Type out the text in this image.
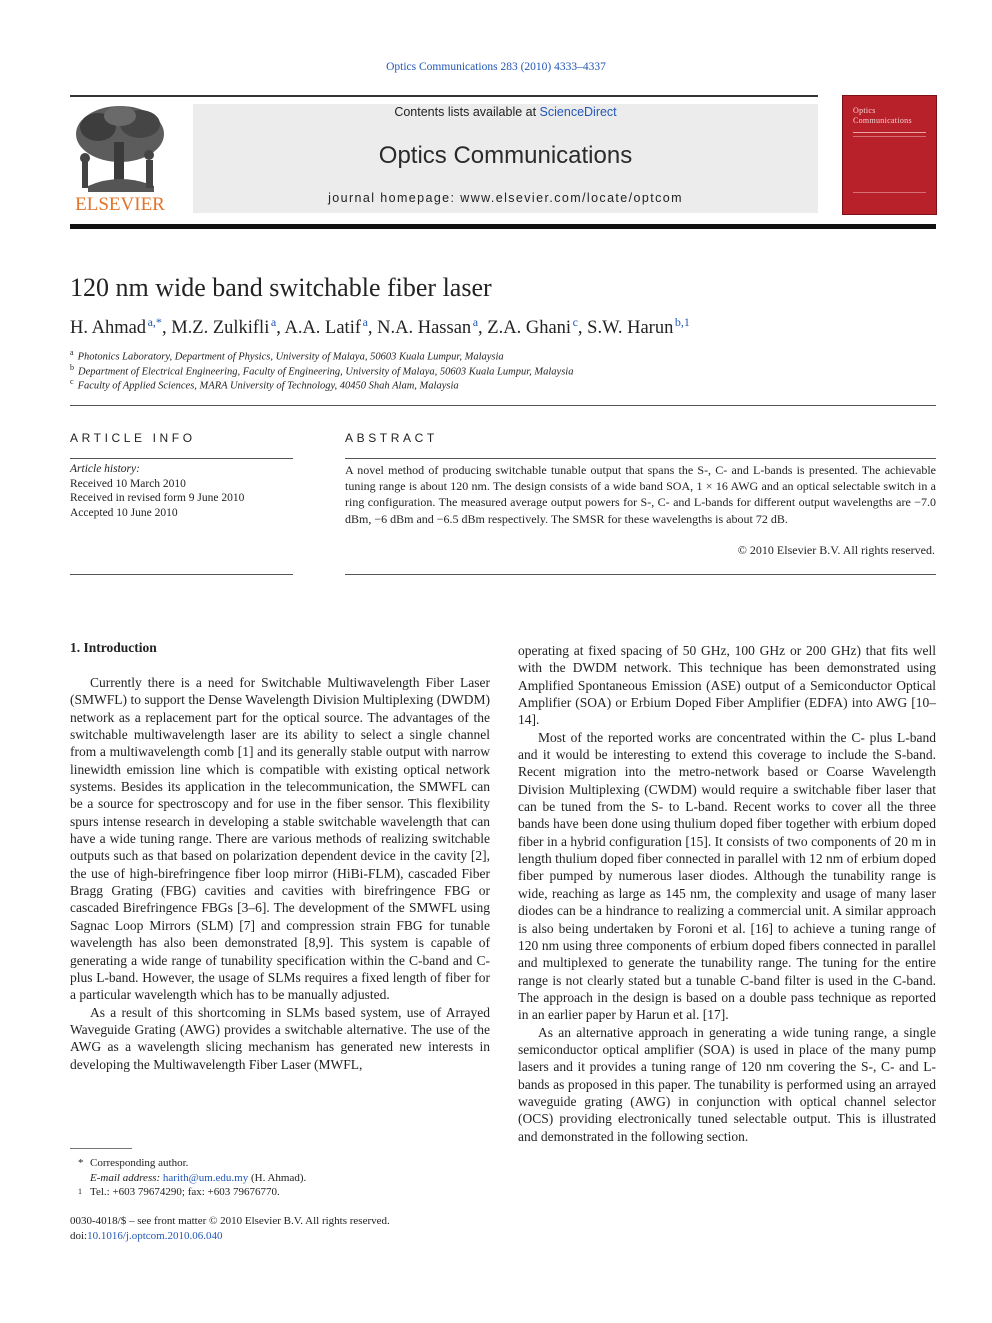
Optics Communications 283 (2010) 4333–4337
ELSEVIER
Contents lists available at ScienceDirect
Optics Communications
journal homepage: www.elsevier.com/locate/optcom
Optics
Communications
120 nm wide band switchable fiber laser
H. Ahmad  $^{a,*}$, M.Z. Zulkifli  $^a$, A.A. Latif  $^a$, N.A. Hassan  $^a$, Z.A. Ghani  $^c$, S.W. Harun  $^{b,1}$
$^a$ Photonics Laboratory, Department of Physics, University of Malaya, 50603 Kuala Lumpur, Malaysia
$^b$ Department of Electrical Engineering, Faculty of Engineering, University of Malaya, 50603 Kuala Lumpur, Malaysia
$^c$ Faculty of Applied Sciences, MARA University of Technology, 40450 Shah Alam, Malaysia
ARTICLE INFO
Article history:
Received 10 March 2010
Received in revised form 9 June 2010
Accepted 10 June 2010
ABSTRACT
A novel method of producing switchable tunable output that spans the S-, C- and L-bands is presented. The achievable tuning range is about 120 nm. The design consists of a wide band SOA, 1 × 16 AWG and an optical selectable switch in a ring configuration. The measured average output powers for S-, C- and L-bands for different output wavelengths are −7.0 dBm, −6 dBm and −6.5 dBm respectively. The SMSR for these wavelengths is about 72 dB.
© 2010 Elsevier B.V. All rights reserved.
1. Introduction

Currently there is a need for Switchable Multiwavelength Fiber Laser (SMWFL) to support the Dense Wavelength Division Multiplexing (DWDM) network as a replacement part for the optical source. The advantages of the switchable multiwavelength laser are its ability to select a single channel from a multiwavelength comb [1] and its generally stable output with narrow linewidth emission line which is compatible with existing optical network systems. Besides its application in the telecommunication, the SMWFL can be a source for spectroscopy and for use in the fiber sensor. This flexibility spurs intense research in developing a stable switchable wavelength that can have a wide tuning range. There are various methods of realizing switchable outputs such as that based on polarization dependent device in the cavity [2], the use of high-birefringence fiber loop mirror (HiBi-FLM), cascaded Fiber Bragg Grating (FBG) cavities and cavities with birefringence FBG or cascaded Birefringence FBGs [3–6]. The development of the SMWFL using Sagnac Loop Mirrors (SLM) [7] and compression strain FBG for tunable wavelength has also been demonstrated [8,9]. This system is capable of generating a wide range of tunability specification within the C-band and C- plus L-band. However, the usage of SLMs requires a fixed length of fiber for a particular wavelength which has to be manually adjusted.

As a result of this shortcoming in SLMs based system, use of Arrayed Waveguide Grating (AWG) provides a switchable alternative. The use of the AWG as a wavelength slicing mechanism has generated new interests in developing the Multiwavelength Fiber Laser (MWFL,

operating at fixed spacing of 50 GHz, 100 GHz or 200 GHz) that fits well with the DWDM network. This technique has been demonstrated using Amplified Spontaneous Emission (ASE) output of a Semiconductor Optical Amplifier (SOA) or Erbium Doped Fiber Amplifier (EDFA) into AWG [10–14].

Most of the reported works are concentrated within the C- plus L-band and it would be interesting to extend this coverage to include the S-band. Recent migration into the metro-network based or Coarse Wavelength Division Multiplexing (CWDM) would require a switchable fiber laser that can be tuned from the S- to L-band. Recent works to cover all the three bands have been done using thulium doped fiber together with erbium doped fiber in a hybrid configuration [15]. It consists of two components of 20 m in length thulium doped fiber connected in parallel with 12 nm of erbium doped fiber pumped by numerous laser diodes. Although the tunability range is wide, reaching as large as 145 nm, the complexity and usage of many laser diodes can be a hindrance to realizing a commercial unit. A similar approach is also being undertaken by Foroni et al. [16] to achieve a tuning range of 120 nm using three components of erbium doped fibers connected in parallel and multiplexed to generate the tunability range. The tuning for the entire range is not clearly stated but a tunable C-band filter is used in the C-band. The approach in the design is based on a double pass technique as reported in an earlier paper by Harun et al. [17].

As an alternative approach in generating a wide tuning range, a single semiconductor optical amplifier (SOA) is used in place of the many pump lasers and it provides a tuning range of 120 nm covering the S-, C- and L-bands as proposed in this paper. The tunability is performed using an arrayed waveguide grating (AWG) in conjunction with optical channel selector (OCS) providing electronically tuned selectable output. This is illustrated and demonstrated in the following section.

* Corresponding author.
E-mail address: harith@um.edu.my (H. Ahmad).
1 Tel.: +603 79674290; fax: +603 79676770.
0030-4018/$ – see front matter © 2010 Elsevier B.V. All rights reserved.
doi:10.1016/j.optcom.2010.06.040
